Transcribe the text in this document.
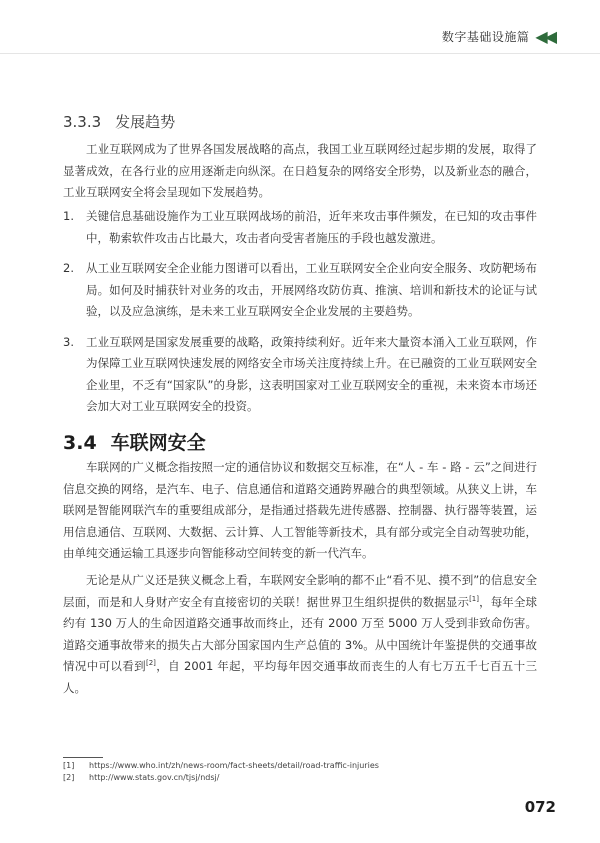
数字基础设施篇 ◀◀
3.3.3 发展趋势
工业互联网成为了世界各国发展战略的高点，我国工业互联网经过起步期的发展，取得了显著成效，在各行业的应用逐渐走向纵深。在日趋复杂的网络安全形势，以及新业态的融合，工业互联网安全将会呈现如下发展趋势。
1. 关键信息基础设施作为工业互联网战场的前沿，近年来攻击事件频发，在已知的攻击事件中，勒索软件攻击占比最大，攻击者向受害者施压的手段也越发激进。
2. 从工业互联网安全企业能力图谱可以看出，工业互联网安全企业向安全服务、攻防靶场布局。如何及时捕获针对业务的攻击，开展网络攻防仿真、推演、培训和新技术的论证与试验，以及应急演练，是未来工业互联网安全企业发展的主要趋势。
3. 工业互联网是国家发展重要的战略，政策持续利好。近年来大量资本涌入工业互联网，作为保障工业互联网快速发展的网络安全市场关注度持续上升。在已融资的工业互联网安全企业里，不乏有“国家队”的身影，这表明国家对工业互联网安全的重视，未来资本市场还会加大对工业互联网安全的投资。
3.4 车联网安全
车联网的广义概念指按照一定的通信协议和数据交互标准，在“人 - 车 - 路 - 云”之间进行信息交换的网络，是汽车、电子、信息通信和道路交通跨界融合的典型领域。从狭义上讲，车联网是智能网联汽车的重要组成部分，是指通过搭载先进传感器、控制器、执行器等装置，运用信息通信、互联网、大数据、云计算、人工智能等新技术，具有部分或完全自动驾驶功能，由单纯交通运输工具逐步向智能移动空间转变的新一代汽车。
无论是从广义还是狭义概念上看，车联网安全影响的都不止“看不见、摸不到”的信息安全层面，而是和人身财产安全有直接密切的关联！据世界卫生组织提供的数据显示[1]，每年全球约有 130 万人的生命因道路交通事故而终止，还有 2000 万至 5000 万人受到非致命伤害。道路交通事故带来的损失占大部分国家国内生产总值的 3%。从中国统计年鉴提供的交通事故情况中可以看到[2]，自 2001 年起，平均每年因交通事故而丧生的人有七万五千七百五十三人。
[1]	https://www.who.int/zh/news-room/fact-sheets/detail/road-traffic-injuries
[2]	http://www.stats.gov.cn/tjsj/ndsj/
072
